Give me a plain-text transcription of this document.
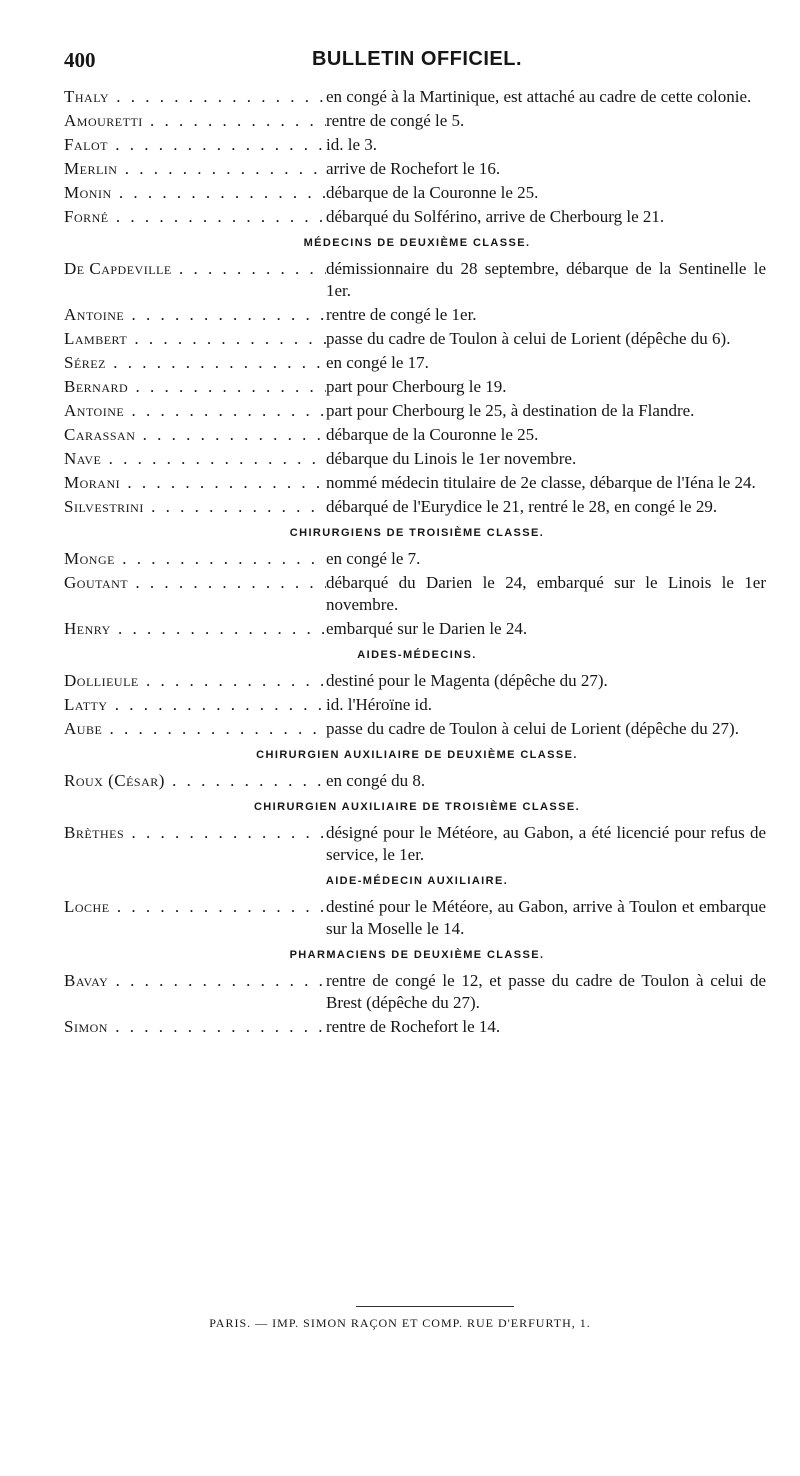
400	BULLETIN OFFICIEL.
Thaly . . .	en congé à la Martinique, est attaché au cadre de cette colonie.
Amouretti . . .	rentre de congé le 5.
Falot . . .	id. le 3.
Merlin . . .	arrive de Rochefort le 16.
Monin . . .	débarque de la Couronne le 25.
Forné . . .	débarqué du Solférino, arrive de Cherbourg le 21.
MÉDECINS DE DEUXIÈME CLASSE.
De Capdeville . . .	démissionnaire du 28 septembre, débarque de la Sentinelle le 1er.
Antoine . . .	rentre de congé le 1er.
Lambert . . .	passe du cadre de Toulon à celui de Lorient (dépêche du 6).
Sérez . . .	en congé le 17.
Bernard . . .	part pour Cherbourg le 19.
Antoine . . .	part pour Cherbourg le 25, à destination de la Flandre.
Carassan . . .	débarque de la Couronne le 25.
Nave . . .	débarque du Linois le 1er novembre.
Morani . . .	nommé médecin titulaire de 2e classe, débarque de l'Iéna le 24.
Silvestrini . . .	débarqué de l'Eurydice le 21, rentré le 28, en congé le 29.
CHIRURGIENS DE TROISIÈME CLASSE.
Monge . . .	en congé le 7.
Goutant . . .	débarqué du Darien le 24, embarqué sur le Linois le 1er novembre.
Henry . . .	embarqué sur le Darien le 24.
AIDES-MÉDECINS.
Dollieule . . .	destiné pour le Magenta (dépêche du 27).
Latty . . .	id. l'Héroïne id.
Aube . . .	passe du cadre de Toulon à celui de Lorient (dépêche du 27).
CHIRURGIEN AUXILIAIRE DE DEUXIÈME CLASSE.
Roux (César) . . .	en congé du 8.
CHIRURGIEN AUXILIAIRE DE TROISIÈME CLASSE.
Brèthes . . .	désigné pour le Météore, au Gabon, a été licencié pour refus de service, le 1er.
AIDE-MÉDECIN AUXILIAIRE.
Loche . . .	destiné pour le Météore, au Gabon, arrive à Toulon et embarque sur la Moselle le 14.
PHARMACIENS DE DEUXIÈME CLASSE.
Bavay . . .	rentre de congé le 12, et passe du cadre de Toulon à celui de Brest (dépêche du 27).
Simon . . .	rentre de Rochefort le 14.
PARIS. — IMP. SIMON RAÇON ET COMP. RUE D'ERFURTH, 1.
